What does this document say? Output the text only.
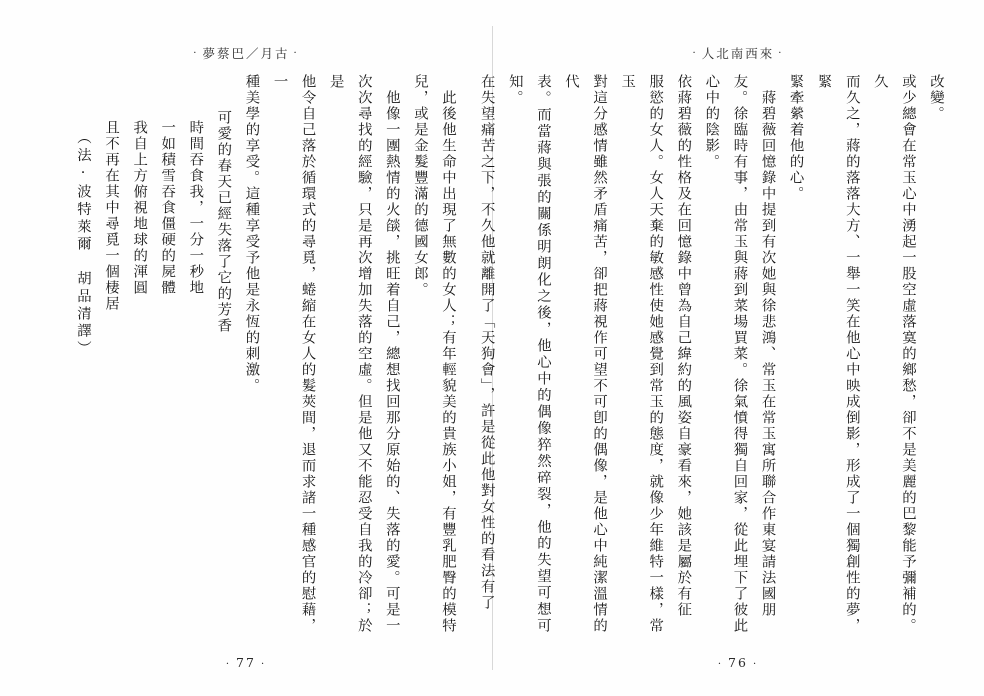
· 夢蔡巴／月古 ·
此後他生命中出現了無數的女人；有年輕貌美的貴族小姐，有豐乳肥臀的模特
兒，或是金髮豐滿的德國女郎。
他像一團熱情的火燄，挑旺着自己，總想找回那分原始的、失落的愛。可是一
次次尋找的經驗，只是再次增加失落的空虛。但是他又不能忍受自我的冷卻；於是
他令自己落於循環式的尋覓，蜷縮在女人的髮莢間，退而求諸一種感官的慰藉，一
種美學的享受。這種享受予他是永恆的刺激。
可愛的春天已經失落了它的芳香
時間吞食我，一分一秒地
一如積雪吞食僵硬的屍體
我自上方俯視地球的渾圓
且不再在其中尋覓一個棲居
（法·波特萊爾　胡品清譯）
· 77 ·
· 人北南西來 ·
改變。
或少總會在常玉心中湧起一股空虛落寞的鄉愁，卻不是美麗的巴黎能予彌補的。久
而久之，蔣的落落大方、一舉一笑在他心中映成倒影，形成了一個獨創性的夢，緊
緊牽縈着他的心。
蔣碧薇回憶錄中提到有次她與徐悲鴻、常玉在常玉寓所聯合作東宴請法國朋
友。徐臨時有事，由常玉與蔣到菜場買菜。徐氣憤得獨自回家，從此埋下了彼此心中的陰影。
依蔣碧薇的性格及在回憶錄中曾為自己緯約的風姿自豪看來，她該是屬於有征
服慾的女人。女人天棄的敏感性使她感覺到常玉的態度，就像少年維特一樣，常玉
對這分感情雖然矛盾痛苦，卻把蔣視作可望不可卽的偶像，是他心中純潔溫情的代
表。而當蔣與張的關係明朗化之後，他心中的偶像猝然碎裂，他的失望可想可知。
在失望痛苦之下，不久他就離開了「天狗會」，許是從此他對女性的看法有了
· 76 ·
